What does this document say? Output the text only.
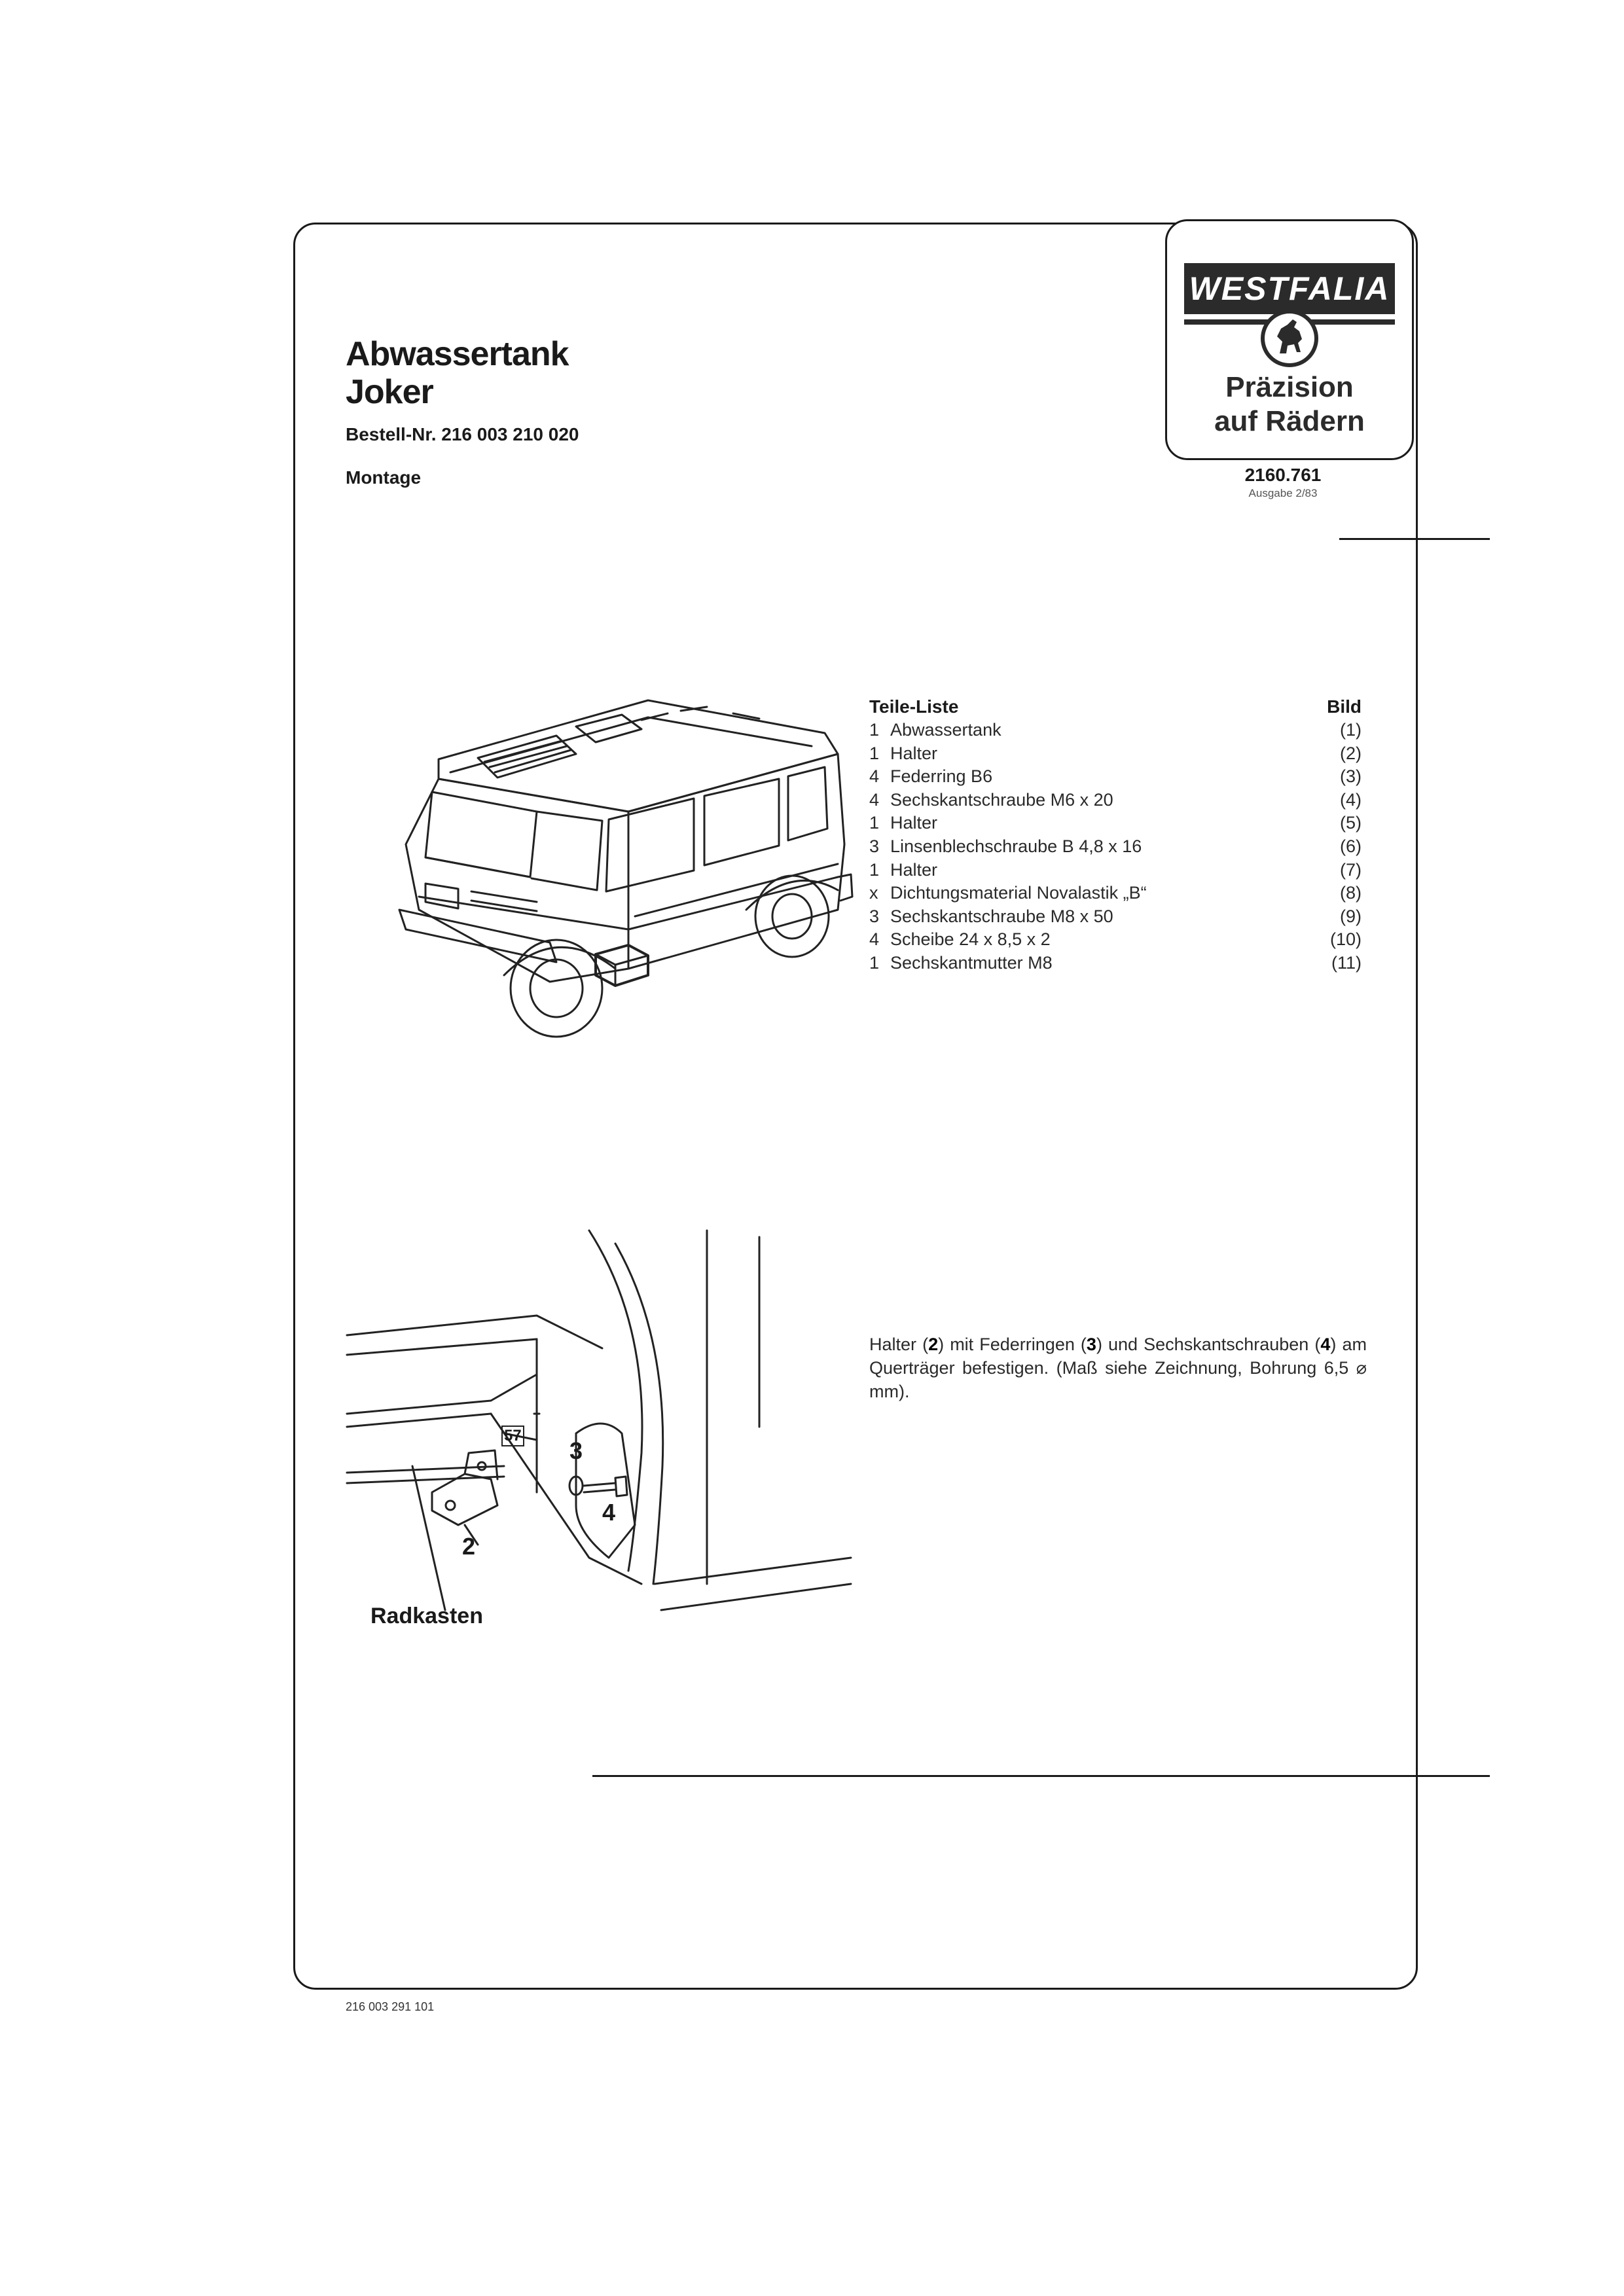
WESTFALIA
Präzision
auf Rädern
Abwassertank
Joker
Bestell-Nr. 216 003 210 020
Montage	2160.761
Ausgabe 2/83
Teile-Liste	Bild
1 Abwassertank	(1)
1 Halter	(2)
4 Federring B6	(3)
4 Sechskantschraube M6 x 20	(4)
1 Halter	(5)
3 Linsenblechschraube B 4,8 x 16	(6)
1 Halter	(7)
x Dichtungsmaterial Novalastik „B“	(8)
3 Sechskantschraube M8 x 50	(9)
4 Scheibe 24 x 8,5 x 2	(10)
1 Sechskantmutter M8	(11)
57
2
3
4
Radkasten
Halter (2) mit Federringen (3) und Sechskantschrauben (4) am Querträger befestigen. (Maß siehe Zeichnung, Bohrung 6,5 ⌀ mm).
216 003 291 101
